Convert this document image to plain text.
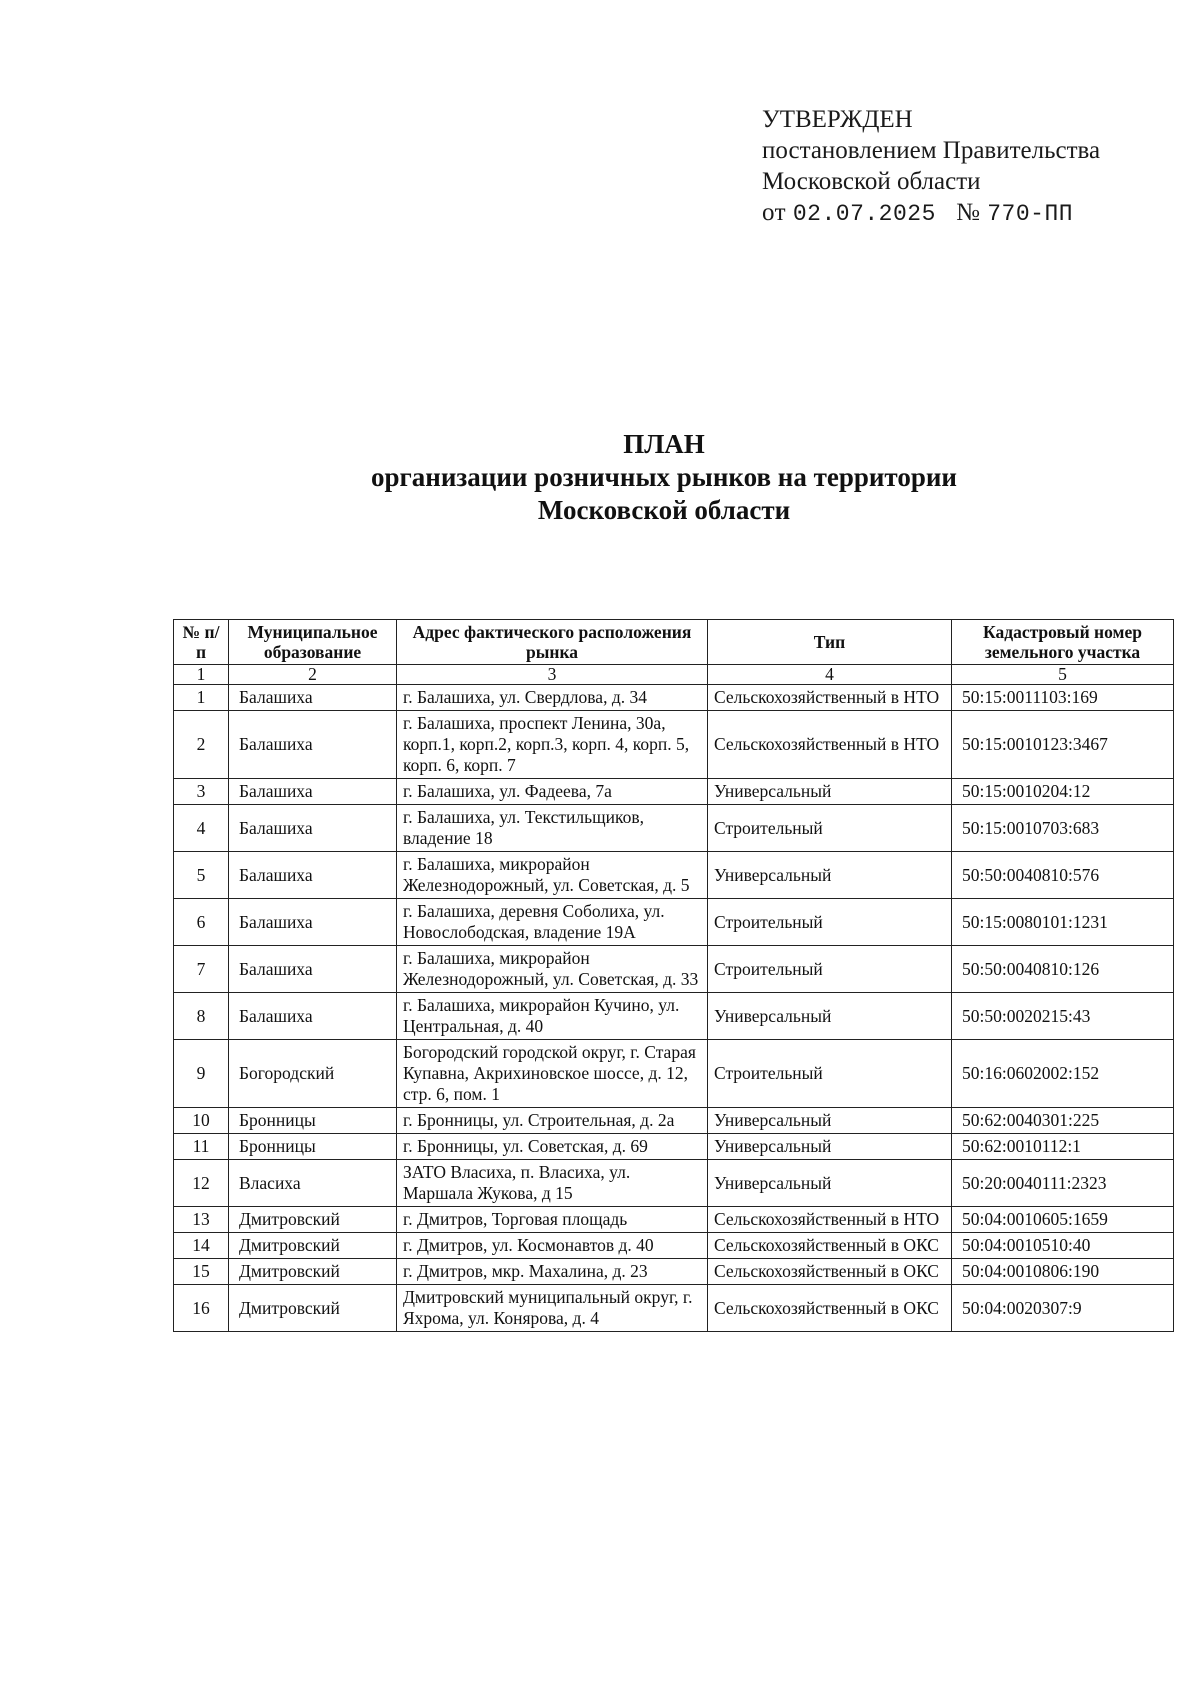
УТВЕРЖДЕН
постановлением Правительства
Московской области
от 02.07.2025 № 770-ПП
ПЛАН
организации розничных рынков на территории
Московской области
№ п/п	Муниципальное образование	Адрес фактического расположения рынка	Тип	Кадастровый номер земельного участка
1	2	3	4	5
1	Балашиха	г. Балашиха, ул. Свердлова, д. 34	Сельскохозяйственный в НТО	50:15:0011103:169
2	Балашиха	г. Балашиха, проспект Ленина, 30а, корп.1, корп.2, корп.3, корп. 4, корп. 5, корп. 6, корп. 7	Сельскохозяйственный в НТО	50:15:0010123:3467
3	Балашиха	г. Балашиха, ул. Фадеева, 7а	Универсальный	50:15:0010204:12
4	Балашиха	г. Балашиха, ул. Текстильщиков, владение 18	Строительный	50:15:0010703:683
5	Балашиха	г. Балашиха, микрорайон Железнодорожный, ул. Советская, д. 5	Универсальный	50:50:0040810:576
6	Балашиха	г. Балашиха, деревня Соболиха, ул. Новослободская, владение 19А	Строительный	50:15:0080101:1231
7	Балашиха	г. Балашиха, микрорайон Железнодорожный, ул. Советская, д. 33	Строительный	50:50:0040810:126
8	Балашиха	г. Балашиха, микрорайон Кучино, ул. Центральная, д. 40	Универсальный	50:50:0020215:43
9	Богородский	Богородский городской округ, г. Старая Купавна, Акрихиновское шоссе, д. 12, стр. 6, пом. 1	Строительный	50:16:0602002:152
10	Бронницы	г. Бронницы, ул. Строительная, д. 2а	Универсальный	50:62:0040301:225
11	Бронницы	г. Бронницы, ул. Советская, д. 69	Универсальный	50:62:0010112:1
12	Власиха	ЗАТО Власиха, п. Власиха, ул. Маршала Жукова, д 15	Универсальный	50:20:0040111:2323
13	Дмитровский	г. Дмитров, Торговая площадь	Сельскохозяйственный в НТО	50:04:0010605:1659
14	Дмитровский	г. Дмитров, ул. Космонавтов д. 40	Сельскохозяйственный в ОКС	50:04:0010510:40
15	Дмитровский	г. Дмитров, мкр. Махалина, д. 23	Сельскохозяйственный в ОКС	50:04:0010806:190
16	Дмитровский	Дмитровский муниципальный округ, г. Яхрома, ул. Конярова, д. 4	Сельскохозяйственный в ОКС	50:04:0020307:9
